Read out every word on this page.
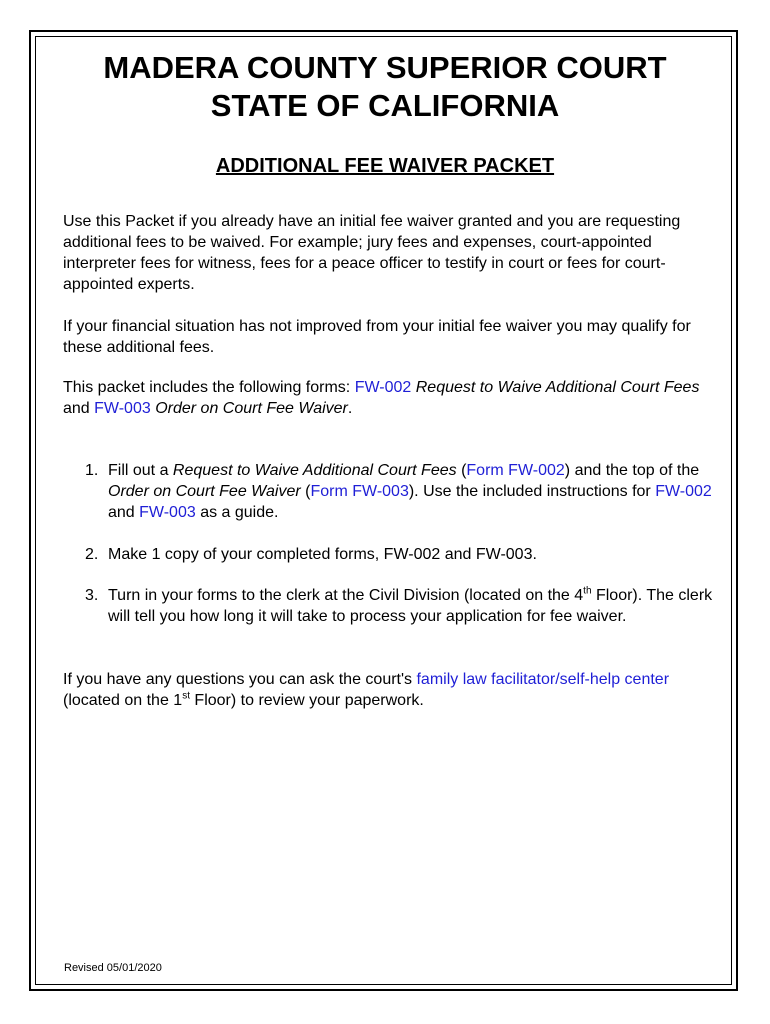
MADERA COUNTY SUPERIOR COURT
STATE OF CALIFORNIA
ADDITIONAL FEE WAIVER PACKET

Use this Packet if you already have an initial fee waiver granted and you are requesting additional fees to be waived. For example; jury fees and expenses, court-appointed interpreter fees for witness, fees for a peace officer to testify in court or fees for court-appointed experts.

If your financial situation has not improved from your initial fee waiver you may qualify for these additional fees.

This packet includes the following forms: FW-002 Request to Waive Additional Court Fees and FW-003 Order on Court Fee Waiver.

1. Fill out a Request to Waive Additional Court Fees (Form FW-002) and the top of the Order on Court Fee Waiver (Form FW-003). Use the included instructions for FW-002 and FW-003 as a guide.
2. Make 1 copy of your completed forms, FW-002 and FW-003.
3. Turn in your forms to the clerk at the Civil Division (located on the 4th Floor). The clerk will tell you how long it will take to process your application for fee waiver.

If you have any questions you can ask the court's family law facilitator/self-help center (located on the 1st Floor) to review your paperwork.

Revised 05/01/2020
